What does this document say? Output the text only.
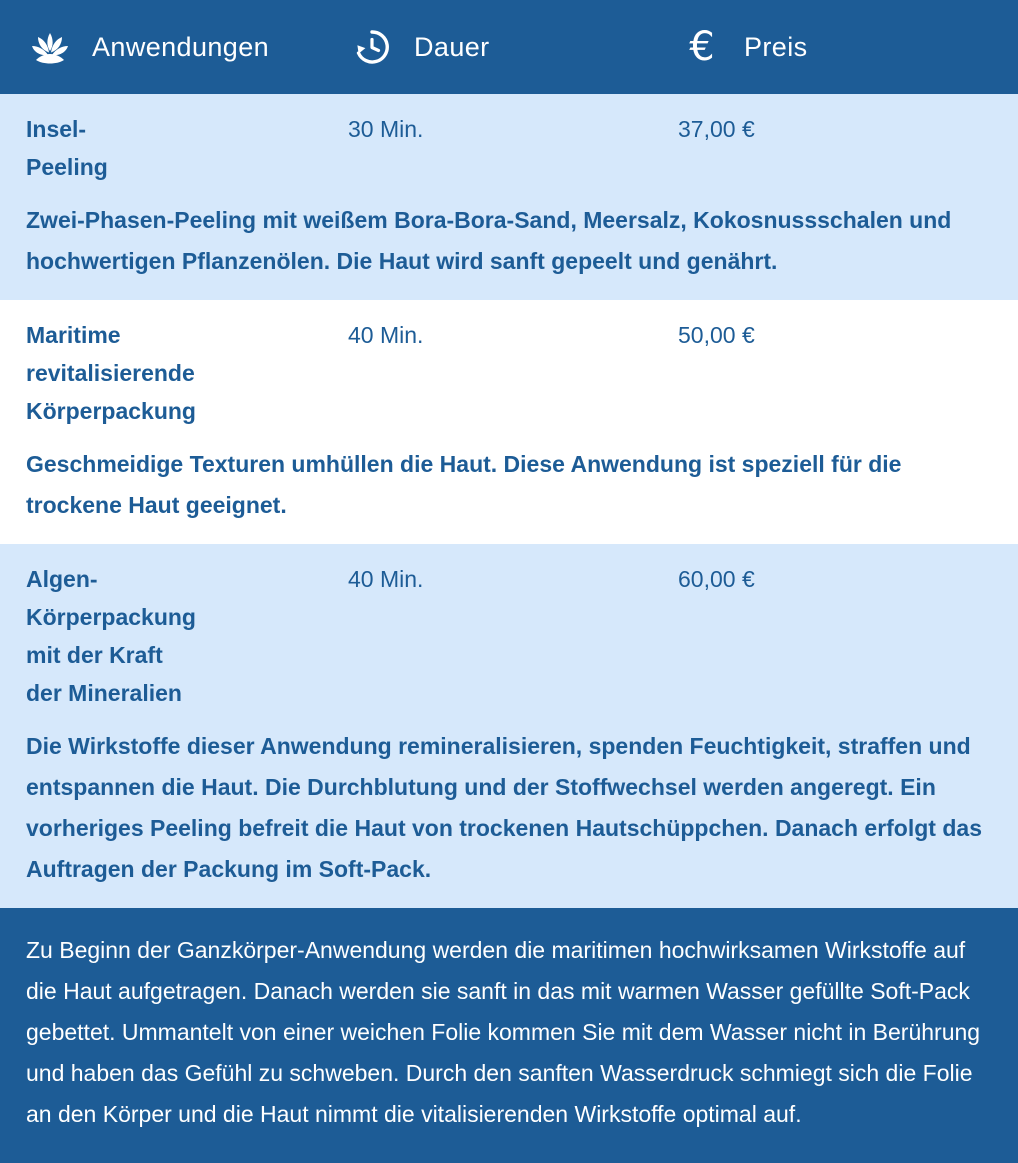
Anwendungen	Dauer	€ Preis
Insel-
Peeling
30 Min.	37,00 €
Zwei-Phasen-Peeling mit weißem Bora-Bora-Sand, Meersalz, Kokosnussschalen und hochwertigen Pflanzenölen. Die Haut wird sanft gepeelt und genährt.
Maritime
revitalisierende
Körperpackung
40 Min.	50,00 €
Geschmeidige Texturen umhüllen die Haut. Diese Anwendung ist speziell für die trockene Haut geeignet.
Algen-
Körperpackung
mit der Kraft
der Mineralien
40 Min.	60,00 €
Die Wirkstoffe dieser Anwendung remineralisieren, spenden Feuchtigkeit, straffen und entspannen die Haut. Die Durchblutung und der Stoffwechsel werden angeregt. Ein vorheriges Peeling befreit die Haut von trockenen Hautschüppchen. Danach erfolgt das Auftragen der Packung im Soft-Pack.
Zu Beginn der Ganzkörper-Anwendung werden die maritimen hochwirksamen Wirkstoffe auf die Haut aufgetragen. Danach werden sie sanft in das mit warmen Wasser gefüllte Soft-Pack gebettet. Ummantelt von einer weichen Folie kommen Sie mit dem Wasser nicht in Berührung und haben das Gefühl zu schweben. Durch den sanften Wasserdruck schmiegt sich die Folie an den Körper und die Haut nimmt die vitalisierenden Wirkstoffe optimal auf.
